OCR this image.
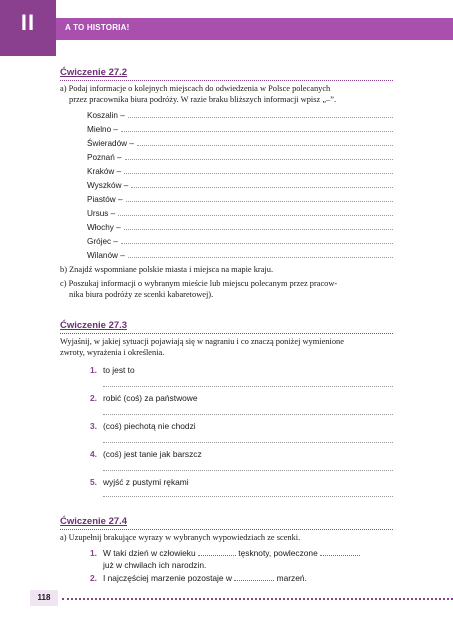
II	A TO HISTORIA!
Ćwiczenie 27.2
a) Podaj informacje o kolejnych miejscach do odwiedzenia w Polsce polecanych
przez pracownika biura podróży. W razie braku bliższych informacji wpisz „–”.
Koszalin –
Mielno –
Świeradów –
Poznań –
Kraków –
Wyszków –
Piastów –
Ursus –
Włochy –
Grójec –
Wilanów –
b) Znajdź wspomniane polskie miasta i miejsca na mapie kraju.
c) Poszukaj informacji o wybranym mieście lub miejscu polecanym przez pracow-
nika biura podróży ze scenki kabaretowej).
Ćwiczenie 27.3
Wyjaśnij, w jakiej sytuacji pojawiają się w nagraniu i co znaczą poniżej wymienione
zwroty, wyrażenia i określenia.
1. to jest to
2. robić (coś) za państwowe
3. (coś) piechotą nie chodzi
4. (coś) jest tanie jak barszcz
5. wyjść z pustymi rękami
Ćwiczenie 27.4
a) Uzupełnij brakujące wyrazy w wybranych wypowiedziach ze scenki.
1. W taki dzień w człowieku	tęsknoty, powleczone
już w chwilach ich narodzin.
2. I najczęściej marzenie pozostaje w	marzeń.
118
